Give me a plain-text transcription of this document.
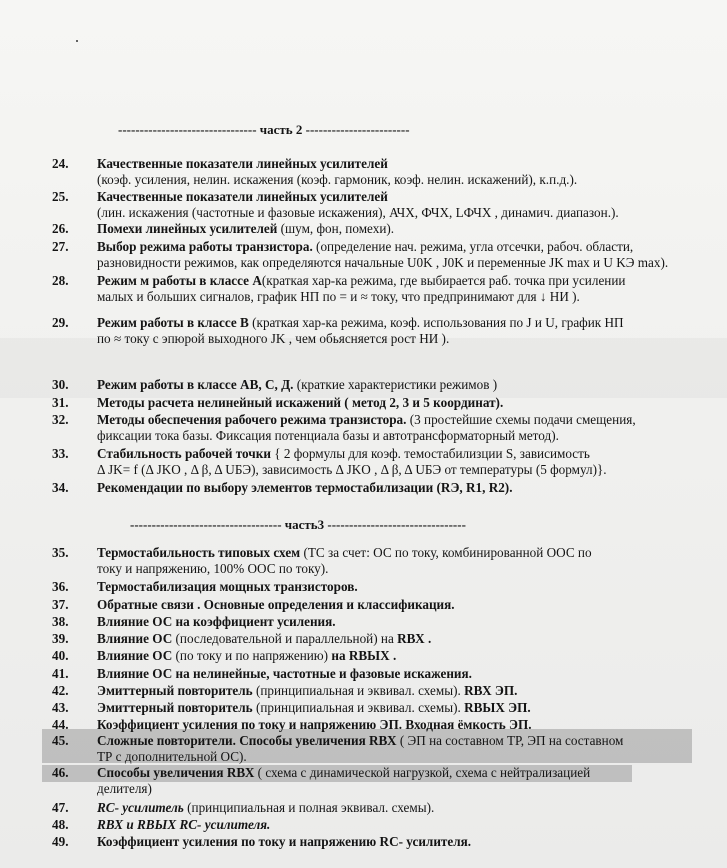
-------------------------------- часть 2 ------------------------
24. Качественные показатели линейных усилителей
(коэф. усиления, нелин. искажения (коэф. гармоник, коэф. нелин. искажений), к.п.д.).
25. Качественные показатели линейных усилителей
(лин. искажения (частотные и фазовые искажения), АЧХ, ФЧХ, LФЧХ , динамич. диапазон.).
26. Помехи линейных усилителей (шум, фон, помехи).
27. Выбор режима работы транзистора. (определение нач. режима, угла отсечки, рабоч. области,
разновидности режимов, как определяются начальные U0K , J0K и переменные JK max и U KЭ max).
28. Режим м работы в классе А(краткая хар-ка режима, где выбирается раб. точка при усилении
малых и больших сигналов, график НП по = и ≈ току, что предпринимают для ↓ НИ ).
29. Режим работы в классе В (краткая хар-ка режима, коэф. использования по J и U, график НП
по ≈ току с эпюрой выходного JK , чем обьясняется рост НИ ).
30. Режим работы в классе АВ, С, Д. (краткие характеристики режимов )
31. Методы расчета нелинейный искажений ( метод 2, 3 и 5 координат).
32. Методы обеспечения рабочего режима транзистора. (3 простейшие схемы подачи смещения,
фиксации тока базы. Фиксация потенциала базы и автотрансформаторный метод).
33. Стабильность рабочей точки { 2 формулы для коэф. темостабилизции S, зависимость
Δ JK= f (Δ JKO , Δ β, Δ UБЭ), зависимость Δ JKO , Δ β, Δ UБЭ от температуры (5 формул)}.
34. Рекомендации по выбору элементов термостабилизации (RЭ, R1, R2).
35. Термостабильность типовых схем (ТС за счет: ОС по току, комбинированной ООС по
току и напряжению, 100% ООС по току).
36. Термостабилизация мощных транзисторов.
37. Обратные связи . Основные определения и классификация.
38. Влияние ОС на коэффициент усиления.
39. Влияние ОС (последовательной и параллельной) на RВХ .
40. Влияние ОС (по току и по напряжению) на RВЫХ .
41. Влияние ОС на нелинейные, частотные и фазовые искажения.
42. Эмиттерный повторитель (принципиальная и эквивал. схемы). RВХ ЭП.
43. Эмиттерный повторитель (принципиальная и эквивал. схемы). RВЫХ ЭП.
44. Коэффициент усиления по току и напряжению ЭП. Входная ёмкость ЭП.
45. Сложные повторители. Способы увеличения RВХ ( ЭП на составном ТР, ЭП на составном
ТР с дополнительной ОС).
46. Способы увеличения RВХ ( схема с динамической нагрузкой, схема с нейтрализацией
делителя)
47. RC- усилитель (принципиальная и полная эквивал. схемы).
48. RВХ и RВЫХ RC- усилителя.
49. Коэффициент усиления по току и напряжению RC- усилителя.
----------------------------------- часть3 --------------------------------
